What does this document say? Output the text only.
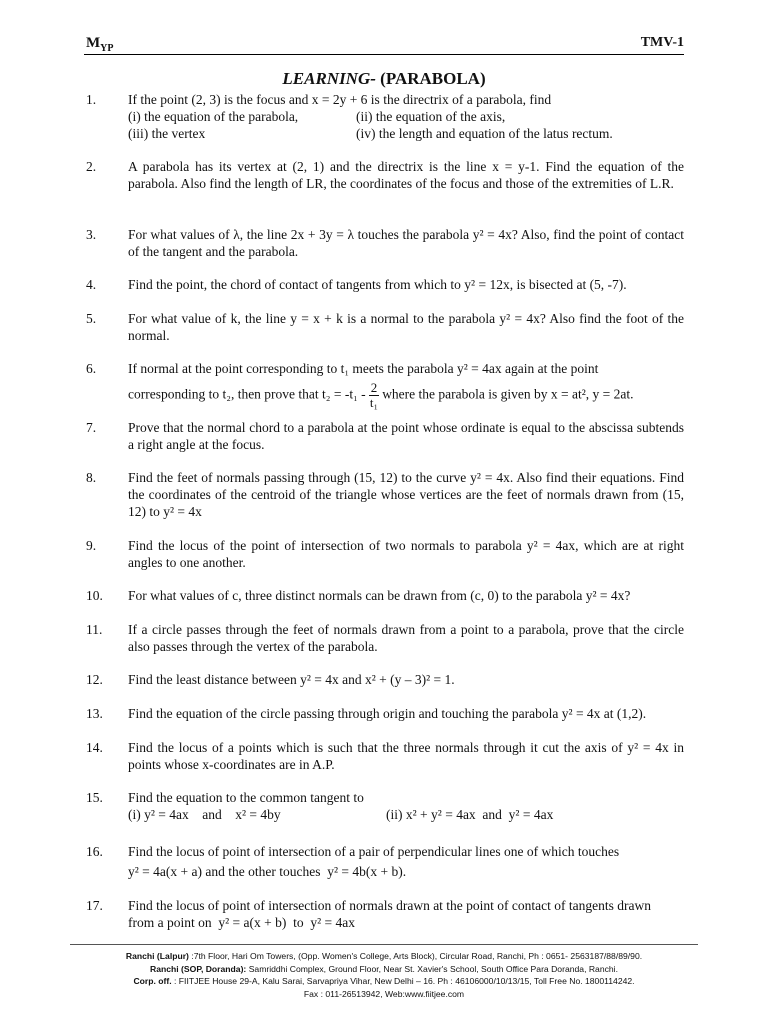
$M_{YP}$	TMV-1
LEARNING- (PARABOLA)
1. If the point (2, 3) is the focus and x = 2y + 6 is the directrix of a parabola, find
(i) the equation of the parabola,	(ii) the equation of the axis,
(iii) the vertex	(iv) the length and equation of the latus rectum.
2. A parabola has its vertex at (2, 1) and the directrix is the line x = y-1. Find the equation of the parabola. Also find the length of LR, the coordinates of the focus and those of the extremities of L.R.
3. For what values of λ, the line 2x + 3y = λ touches the parabola y² = 4x? Also, find the point of contact of the tangent and the parabola.
4. Find the point, the chord of contact of tangents from which to y² = 12x, is bisected at (5, -7).
5. For what value of k, the line y = x + k is a normal to the parabola y² = 4x? Also find the foot of the normal.
6. If normal at the point corresponding to t₁ meets the parabola y² = 4ax again at the point
corresponding to t₂, then prove that $t_2 = -t_1 - \frac{2}{\text{t₁}}$ where the parabola is given by x = at², y = 2at.
7. Prove that the normal chord to a parabola at the point whose ordinate is equal to the abscissa subtends a right angle at the focus.
8. Find the feet of normals passing through (15, 12) to the curve y² = 4x. Also find their equations. Find the coordinates of the centroid of the triangle whose vertices are the feet of normals drawn from (15, 12) to y² = 4x
9. Find the locus of the point of intersection of two normals to parabola y² = 4ax, which are at right angles to one another.
10. For what values of c, three distinct normals can be drawn from (c, 0) to the parabola y² = 4x?
11. If a circle passes through the feet of normals drawn from a point to a parabola, prove that the circle also passes through the vertex of the parabola.
12. Find the least distance between y² = 4x and x² + (y – 3)² = 1.
13. Find the equation of the circle passing through origin and touching the parabola y² = 4x at (1,2).
14. Find the locus of a points which is such that the three normals through it cut the axis of y² = 4x in points whose x-coordinates are in A.P.
15. Find the equation to the common tangent to
(i) y² = 4ax    and    x² = 4by	(ii) x² + y² = 4ax  and  y² = 4ax
16. Find the locus of point of intersection of a pair of perpendicular lines one of which touches
y² = 4a(x + a) and the other touches  y² = 4b(x + b).
17. Find the locus of point of intersection of normals drawn at the point of contact of tangents drawn
from a point on  y² = a(x + b)  to  y² = 4ax
Ranchi (Lalpur) :7th Floor, Hari Om Towers, (Opp. Women's College, Arts Block), Circular Road, Ranchi, Ph : 0651- 2563187/88/89/90.
Ranchi (SOP, Doranda): Samriddhi Complex, Ground Floor, Near St. Xavier's School, South Office Para Doranda, Ranchi.
Corp. off. : FIITJEE House 29-A, Kalu Sarai, Sarvapriya Vihar, New Delhi – 16. Ph : 46106000/10/13/15, Toll Free No. 1800114242.
Fax : 011-26513942, Web:www.fiitjee.com
